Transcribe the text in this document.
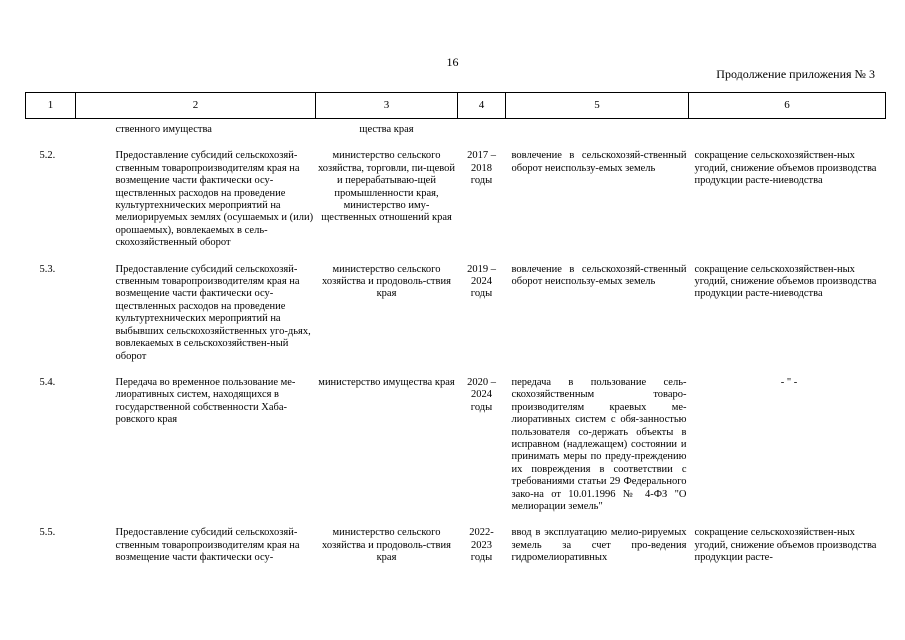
16
Продолжение приложения № 3
1	2	3	4	5	6
	ственного имущества	щества края			

5.2.	Предоставление субсидий сельскохозяй-ственным товаропроизводителям края на возмещение части фактически осу-ществленных расходов на проведение культуртехнических мероприятий на мелиорируемых землях (осушаемых и (или) орошаемых), вовлекаемых в сель-скохозяйственный оборот	министерство сельского хозяйства, торговли, пи-щевой и перерабатываю-щей промышленности края, министерство иму-щественных отношений края	2017 – 2018 годы	вовлечение в сельскохозяй-ственный оборот неиспользу-емых земель	сокращение сельскохозяйствен-ных угодий, снижение объемов производства продукции расте-ниеводства

5.3.	Предоставление субсидий сельскохозяй-ственным товаропроизводителям края на возмещение части фактически осу-ществленных расходов на проведение культуртехнических мероприятий на выбывших сельскохозяйственных уго-дьях, вовлекаемых в сельскохозяйствен-ный оборот	министерство сельского хозяйства и продоволь-ствия края	2019 – 2024 годы	вовлечение в сельскохозяй-ственный оборот неиспользу-емых земель	сокращение сельскохозяйствен-ных угодий, снижение объемов производства продукции расте-ниеводства

5.4.	Передача во временное пользование ме-лиоративных систем, находящихся в государственной собственности Хаба-ровского края	министерство имущества края	2020 – 2024 годы	передача в пользование сель-скохозяйственным товаро-производителям краевых ме-лиоративных систем с обя-занностью пользователя со-держать объекты в исправном (надлежащем) состоянии и принимать меры по преду-преждению их повреждения в соответствии с требованиями статьи 29 Федерального зако-на от 10.01.1996 № 4-ФЗ "О мелиорации земель"	- " -

5.5.	Предоставление субсидий сельскохозяй-ственным товаропроизводителям края на возмещение части фактически осу-	министерство сельского хозяйства и продоволь-ствия края	2022-2023 годы	ввод в эксплуатацию мелио-рируемых земель за счет про-ведения гидромелиоративных	сокращение сельскохозяйствен-ных угодий, снижение объемов производства продукции расте-
